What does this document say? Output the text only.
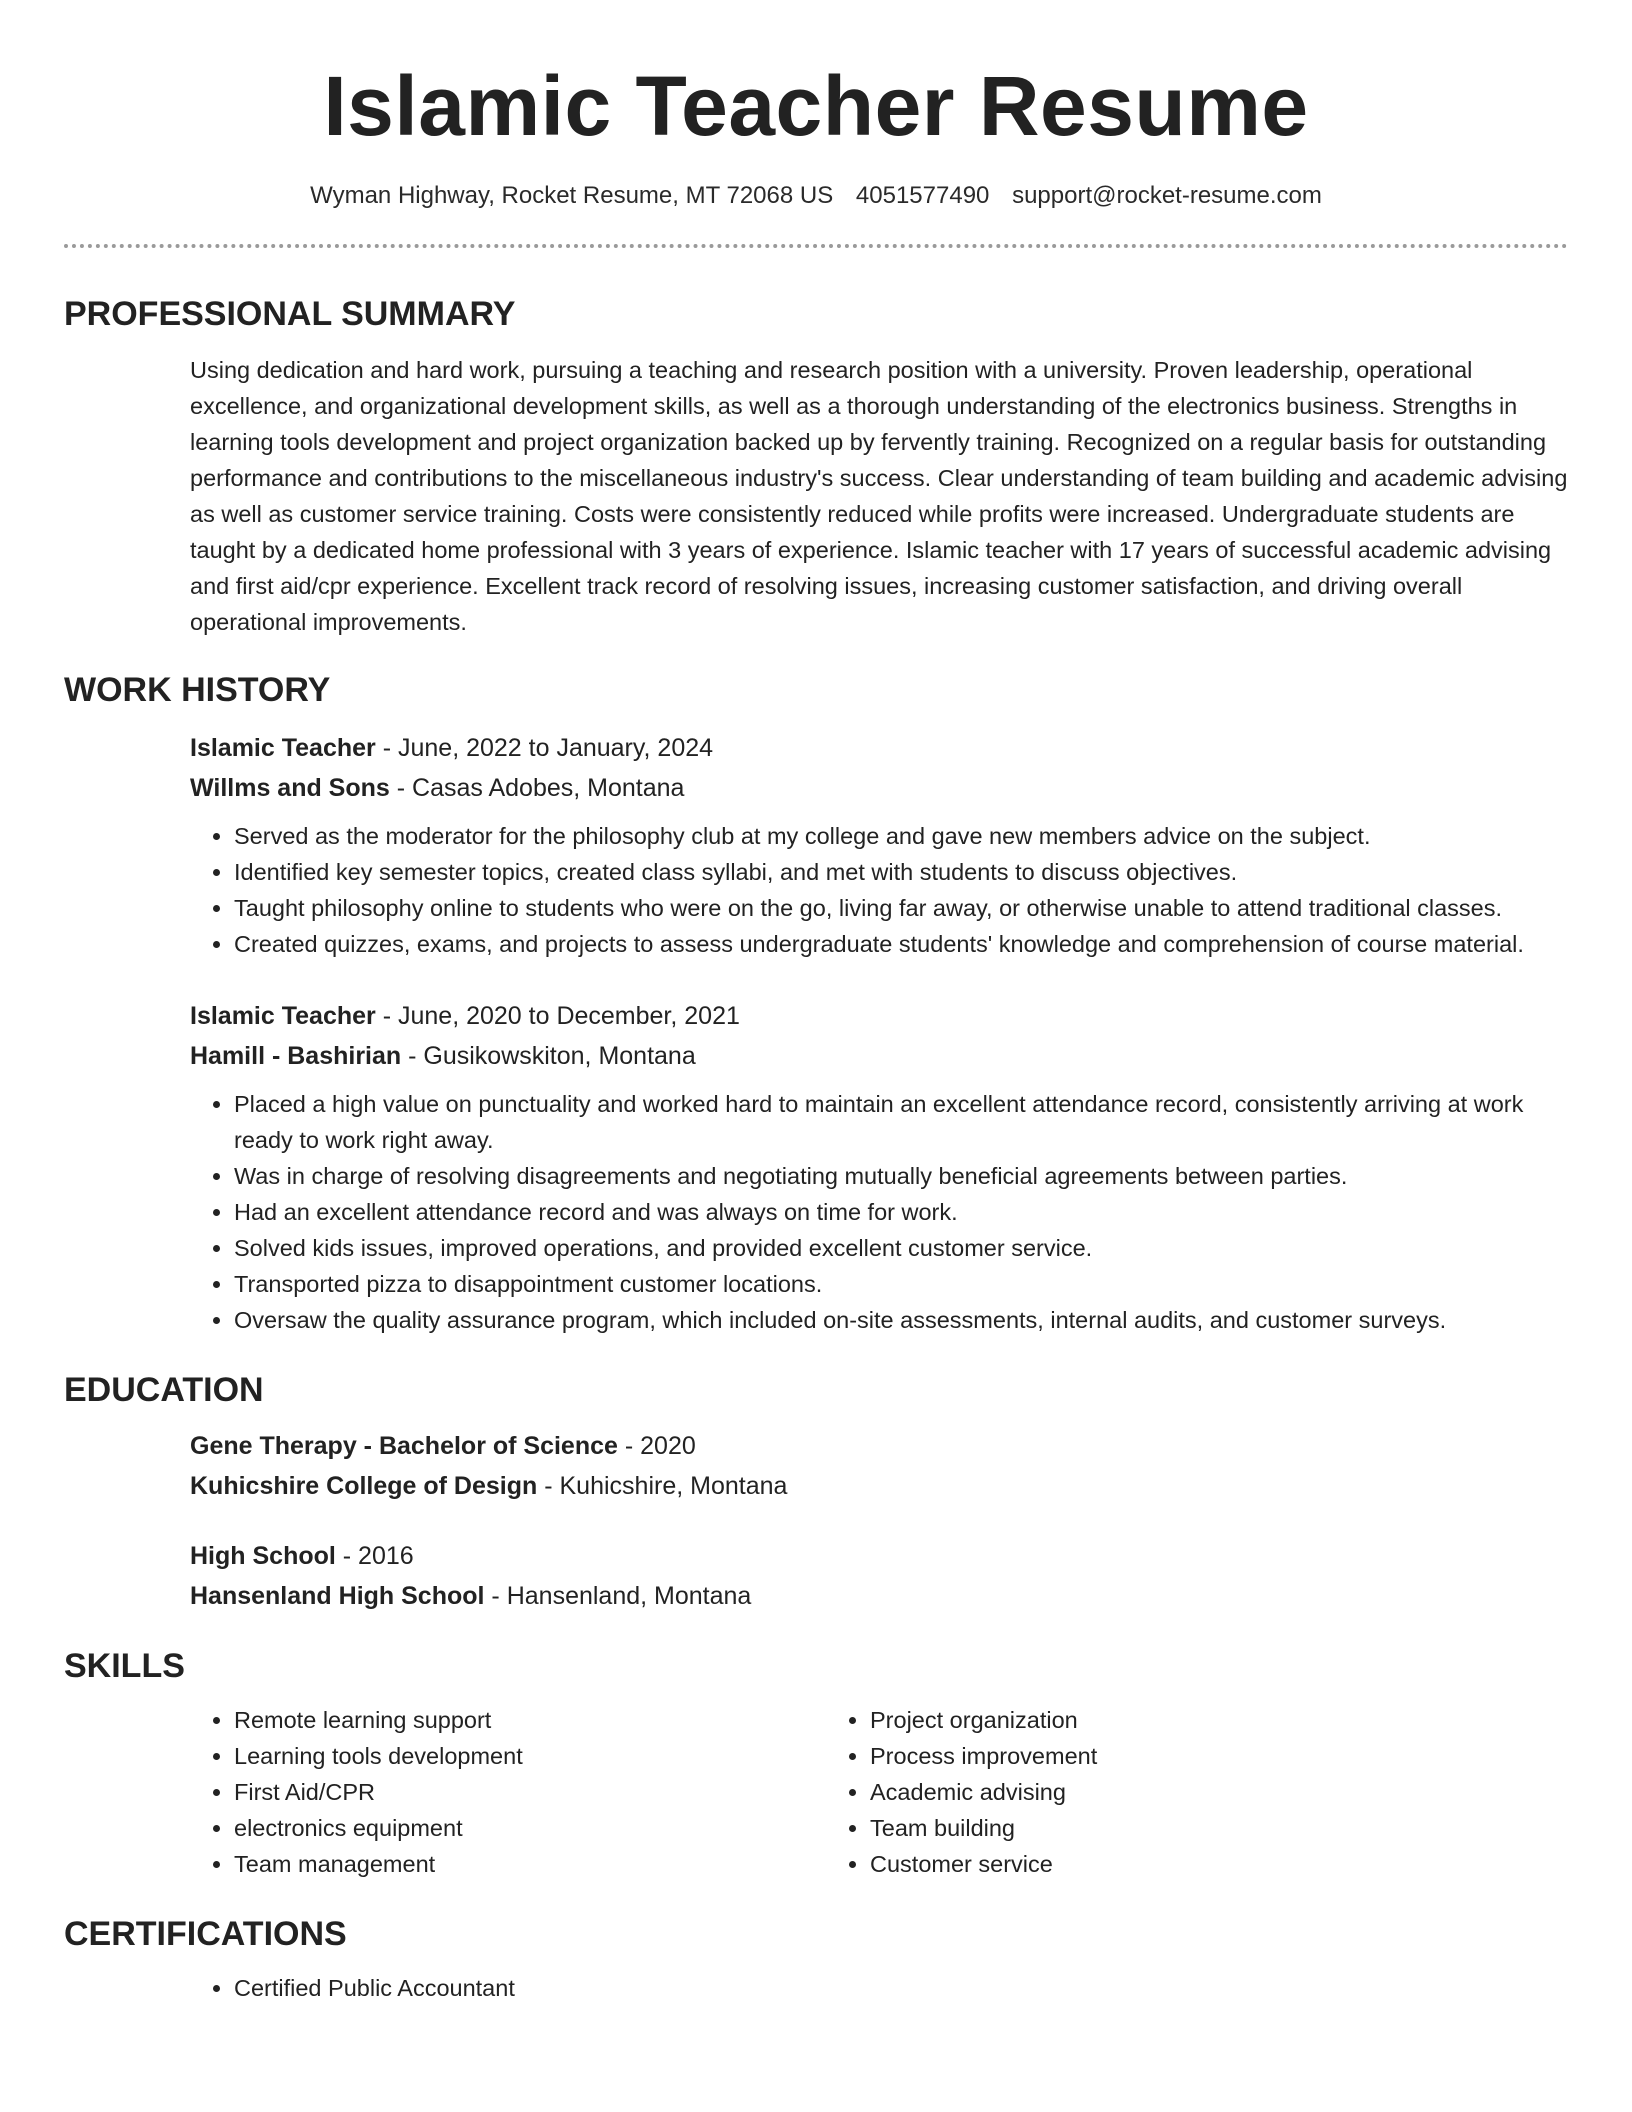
Islamic Teacher Resume
Wyman Highway, Rocket Resume, MT 72068 US 4051577490 support@rocket-resume.com
PROFESSIONAL SUMMARY

Using dedication and hard work, pursuing a teaching and research position with a university. Proven leadership, operational excellence, and organizational development skills, as well as a thorough understanding of the electronics business. Strengths in learning tools development and project organization backed up by fervently training. Recognized on a regular basis for outstanding performance and contributions to the miscellaneous industry's success. Clear understanding of team building and academic advising as well as customer service training. Costs were consistently reduced while profits were increased. Undergraduate students are taught by a dedicated home professional with 3 years of experience. Islamic teacher with 17 years of successful academic advising and first aid/cpr experience. Excellent track record of resolving issues, increasing customer satisfaction, and driving overall operational improvements.

WORK HISTORY
Islamic Teacher - June, 2022 to January, 2024
Willms and Sons - Casas Adobes, Montana
• Served as the moderator for the philosophy club at my college and gave new members advice on the subject.
• Identified key semester topics, created class syllabi, and met with students to discuss objectives.
• Taught philosophy online to students who were on the go, living far away, or otherwise unable to attend traditional classes.
• Created quizzes, exams, and projects to assess undergraduate students' knowledge and comprehension of course material.
Islamic Teacher - June, 2020 to December, 2021
Hamill - Bashirian - Gusikowskiton, Montana
• Placed a high value on punctuality and worked hard to maintain an excellent attendance record, consistently arriving at work ready to work right away.
• Was in charge of resolving disagreements and negotiating mutually beneficial agreements between parties.
• Had an excellent attendance record and was always on time for work.
• Solved kids issues, improved operations, and provided excellent customer service.
• Transported pizza to disappointment customer locations.
• Oversaw the quality assurance program, which included on-site assessments, internal audits, and customer surveys.
EDUCATION
Gene Therapy - Bachelor of Science - 2020
Kuhicshire College of Design - Kuhicshire, Montana
High School - 2016
Hansenland High School - Hansenland, Montana
SKILLS
• Remote learning support
• Learning tools development
• First Aid/CPR
• electronics equipment
• Team management
• Project organization
• Process improvement
• Academic advising
• Team building
• Customer service
CERTIFICATIONS
• Certified Public Accountant
